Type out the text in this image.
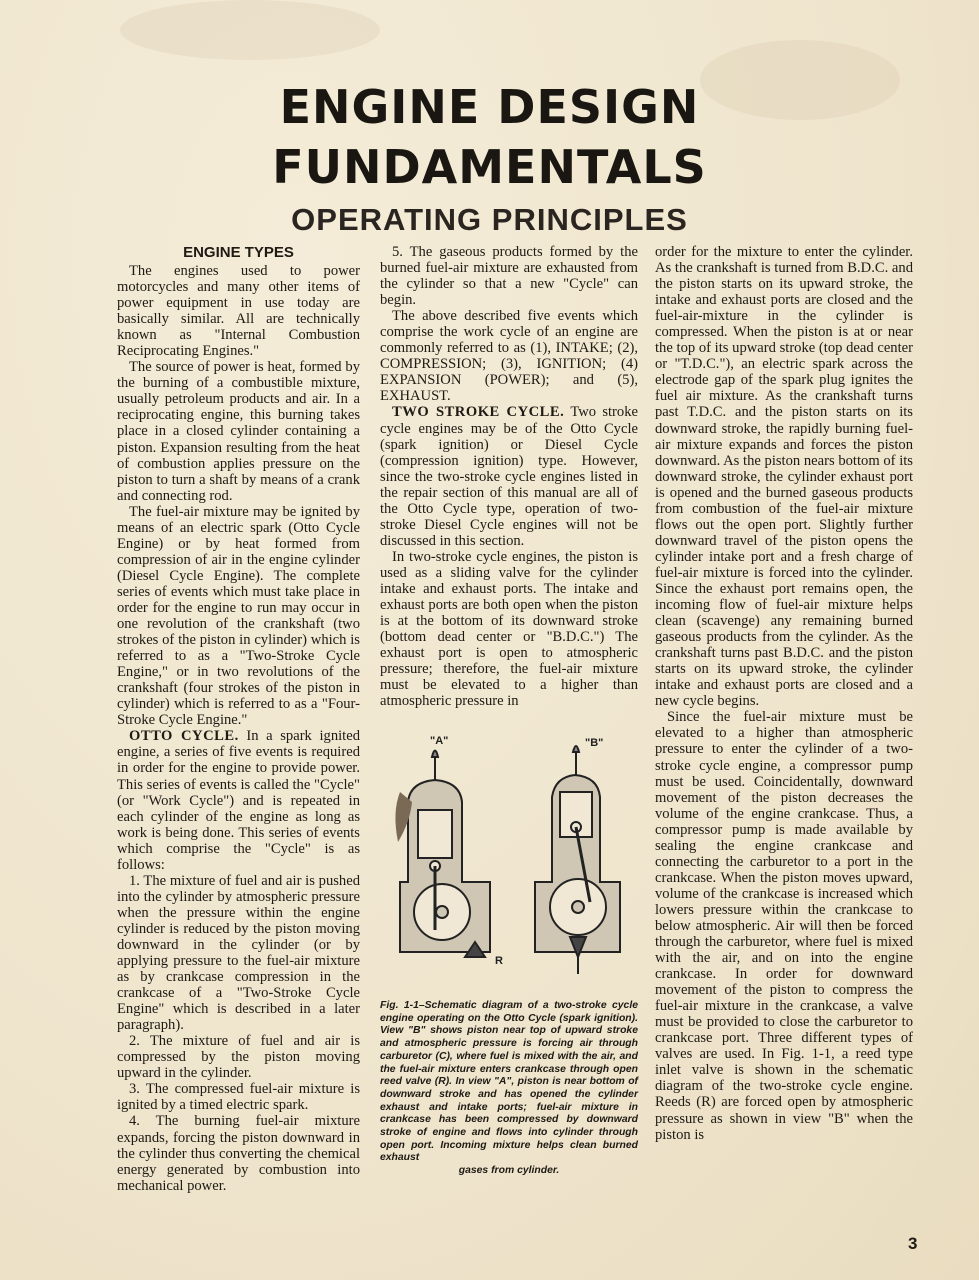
ENGINE DESIGN
FUNDAMENTALS
OPERATING PRINCIPLES
ENGINE TYPES

The engines used to power motorcycles and many other items of power equipment in use today are basically similar. All are technically known as "Internal Combustion Reciprocating Engines."

The source of power is heat, formed by the burning of a combustible mixture, usually petroleum products and air. In a reciprocating engine, this burning takes place in a closed cylinder containing a piston. Expansion resulting from the heat of combustion applies pressure on the piston to turn a shaft by means of a crank and connecting rod.

The fuel-air mixture may be ignited by means of an electric spark (Otto Cycle Engine) or by heat formed from compression of air in the engine cylinder (Diesel Cycle Engine). The complete series of events which must take place in order for the engine to run may occur in one revolution of the crankshaft (two strokes of the piston in cylinder) which is referred to as a "Two-Stroke Cycle Engine," or in two revolutions of the crankshaft (four strokes of the piston in cylinder) which is referred to as a "Four-Stroke Cycle Engine."

OTTO CYCLE. In a spark ignited engine, a series of five events is required in order for the engine to provide power. This series of events is called the "Cycle" (or "Work Cycle") and is repeated in each cylinder of the engine as long as work is being done. This series of events which comprise the "Cycle" is as follows:

1. The mixture of fuel and air is pushed into the cylinder by atmospheric pressure when the pressure within the engine cylinder is reduced by the piston moving downward in the cylinder (or by applying pressure to the fuel-air mixture as by crankcase compression in the crankcase of a "Two-Stroke Cycle Engine" which is described in a later paragraph).

2. The mixture of fuel and air is compressed by the piston moving upward in the cylinder.

3. The compressed fuel-air mixture is ignited by a timed electric spark.

4. The burning fuel-air mixture expands, forcing the piston downward in the cylinder thus converting the chemical energy generated by combustion into mechanical power.

5. The gaseous products formed by the burned fuel-air mixture are exhausted from the cylinder so that a new "Cycle" can begin.

The above described five events which comprise the work cycle of an engine are commonly referred to as (1), INTAKE; (2), COMPRESSION; (3), IGNITION; (4) EXPANSION (POWER); and (5), EXHAUST.

TWO STROKE CYCLE. Two stroke cycle engines may be of the Otto Cycle (spark ignition) or Diesel Cycle (compression ignition) type. However, since the two-stroke cycle engines listed in the repair section of this manual are all of the Otto Cycle type, operation of two-stroke Diesel Cycle engines will not be discussed in this section.

In two-stroke cycle engines, the piston is used as a sliding valve for the cylinder intake and exhaust ports. The intake and exhaust ports are both open when the piston is at the bottom of its downward stroke (bottom dead center or "B.D.C.") The exhaust port is open to atmospheric pressure; therefore, the fuel-air mixture must be elevated to a higher than atmospheric pressure in

"A"	"B"
R
Fig. 1-1–Schematic diagram of a two-stroke cycle engine operating on the Otto Cycle (spark ignition). View "B" shows piston near top of upward stroke and atmospheric pressure is forcing air through carburetor (C), where fuel is mixed with the air, and the fuel-air mixture enters crankcase through open reed valve (R). In view "A", piston is near bottom of downward stroke and has opened the cylinder exhaust and intake ports; fuel-air mixture in crankcase has been compressed by downward stroke of engine and flows into cylinder through open port. Incoming mixture helps clean burned exhaust
gases from cylinder.

order for the mixture to enter the cylinder. As the crankshaft is turned from B.D.C. and the piston starts on its upward stroke, the intake and exhaust ports are closed and the fuel-air-mixture in the cylinder is compressed. When the piston is at or near the top of its upward stroke (top dead center or "T.D.C."), an electric spark across the electrode gap of the spark plug ignites the fuel air mixture. As the crankshaft turns past T.D.C. and the piston starts on its downward stroke, the rapidly burning fuel-air mixture expands and forces the piston downward. As the piston nears bottom of its downward stroke, the cylinder exhaust port is opened and the burned gaseous products from combustion of the fuel-air mixture flows out the open port. Slightly further downward travel of the piston opens the cylinder intake port and a fresh charge of fuel-air mixture is forced into the cylinder. Since the exhaust port remains open, the incoming flow of fuel-air mixture helps clean (scavenge) any remaining burned gaseous products from the cylinder. As the crankshaft turns past B.D.C. and the piston starts on its upward stroke, the cylinder intake and exhaust ports are closed and a new cycle begins.

Since the fuel-air mixture must be elevated to a higher than atmospheric pressure to enter the cylinder of a two-stroke cycle engine, a compressor pump must be used. Coincidentally, downward movement of the piston decreases the volume of the engine crankcase. Thus, a compressor pump is made available by sealing the engine crankcase and connecting the carburetor to a port in the crankcase. When the piston moves upward, volume of the crankcase is increased which lowers pressure within the crankcase to below atmospheric. Air will then be forced through the carburetor, where fuel is mixed with the air, and on into the engine crankcase. In order for downward movement of the piston to compress the fuel-air mixture in the crankcase, a valve must be provided to close the carburetor to crankcase port. Three different types of valves are used. In Fig. 1-1, a reed type inlet valve is shown in the schematic diagram of the two-stroke cycle engine. Reeds (R) are forced open by atmospheric pressure as shown in view "B" when the piston is

3
